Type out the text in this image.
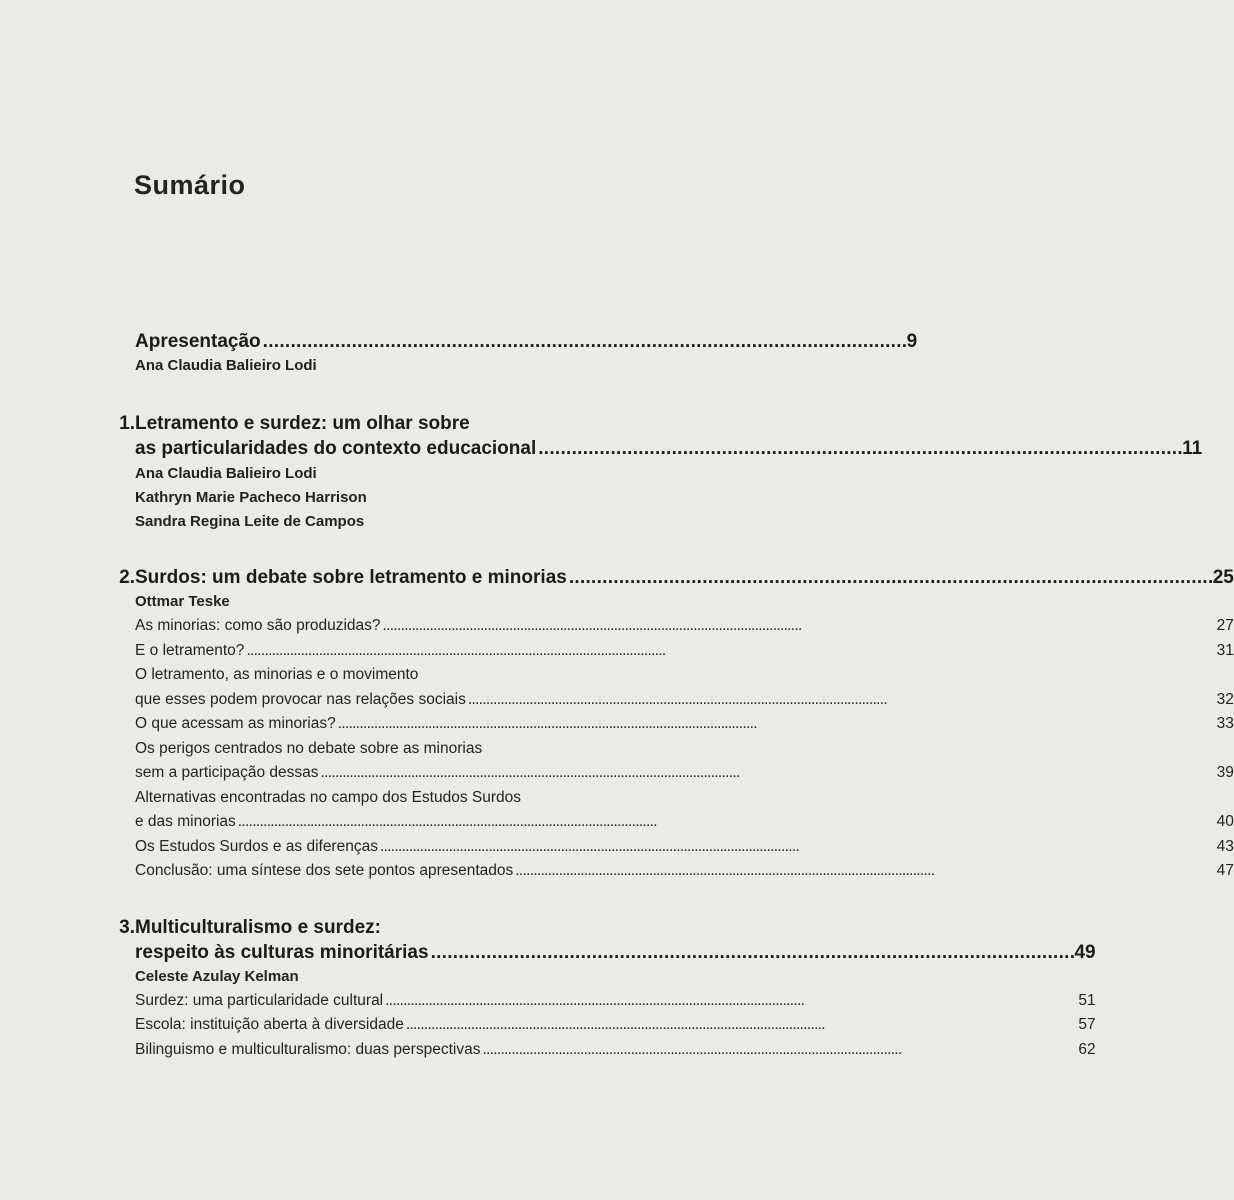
Sumário
Apresentação . . .	9
Ana Claudia Balieiro Lodi
1. Letramento e surdez: um olhar sobre
as particularidades do contexto educacional . . .	11
Ana Claudia Balieiro Lodi
Kathryn Marie Pacheco Harrison
Sandra Regina Leite de Campos
2. Surdos: um debate sobre letramento e minorias . . .	25
Ottmar Teske
As minorias: como são produzidas? . . .	27
E o letramento? . . .	31
O letramento, as minorias e o movimento
que esses podem provocar nas relações sociais . . .	32
O que acessam as minorias? . . .	33
Os perigos centrados no debate sobre as minorias
sem a participação dessas . . .	39
Alternativas encontradas no campo dos Estudos Surdos
e das minorias . . .	40
Os Estudos Surdos e as diferenças . . .	43
Conclusão: uma síntese dos sete pontos apresentados . . .	47
3. Multiculturalismo e surdez:
respeito às culturas minoritárias . . .	49
Celeste Azulay Kelman
Surdez: uma particularidade cultural . . .	51
Escola: instituição aberta à diversidade . . .	57
Bilinguismo e multiculturalismo: duas perspectivas . . .	62
